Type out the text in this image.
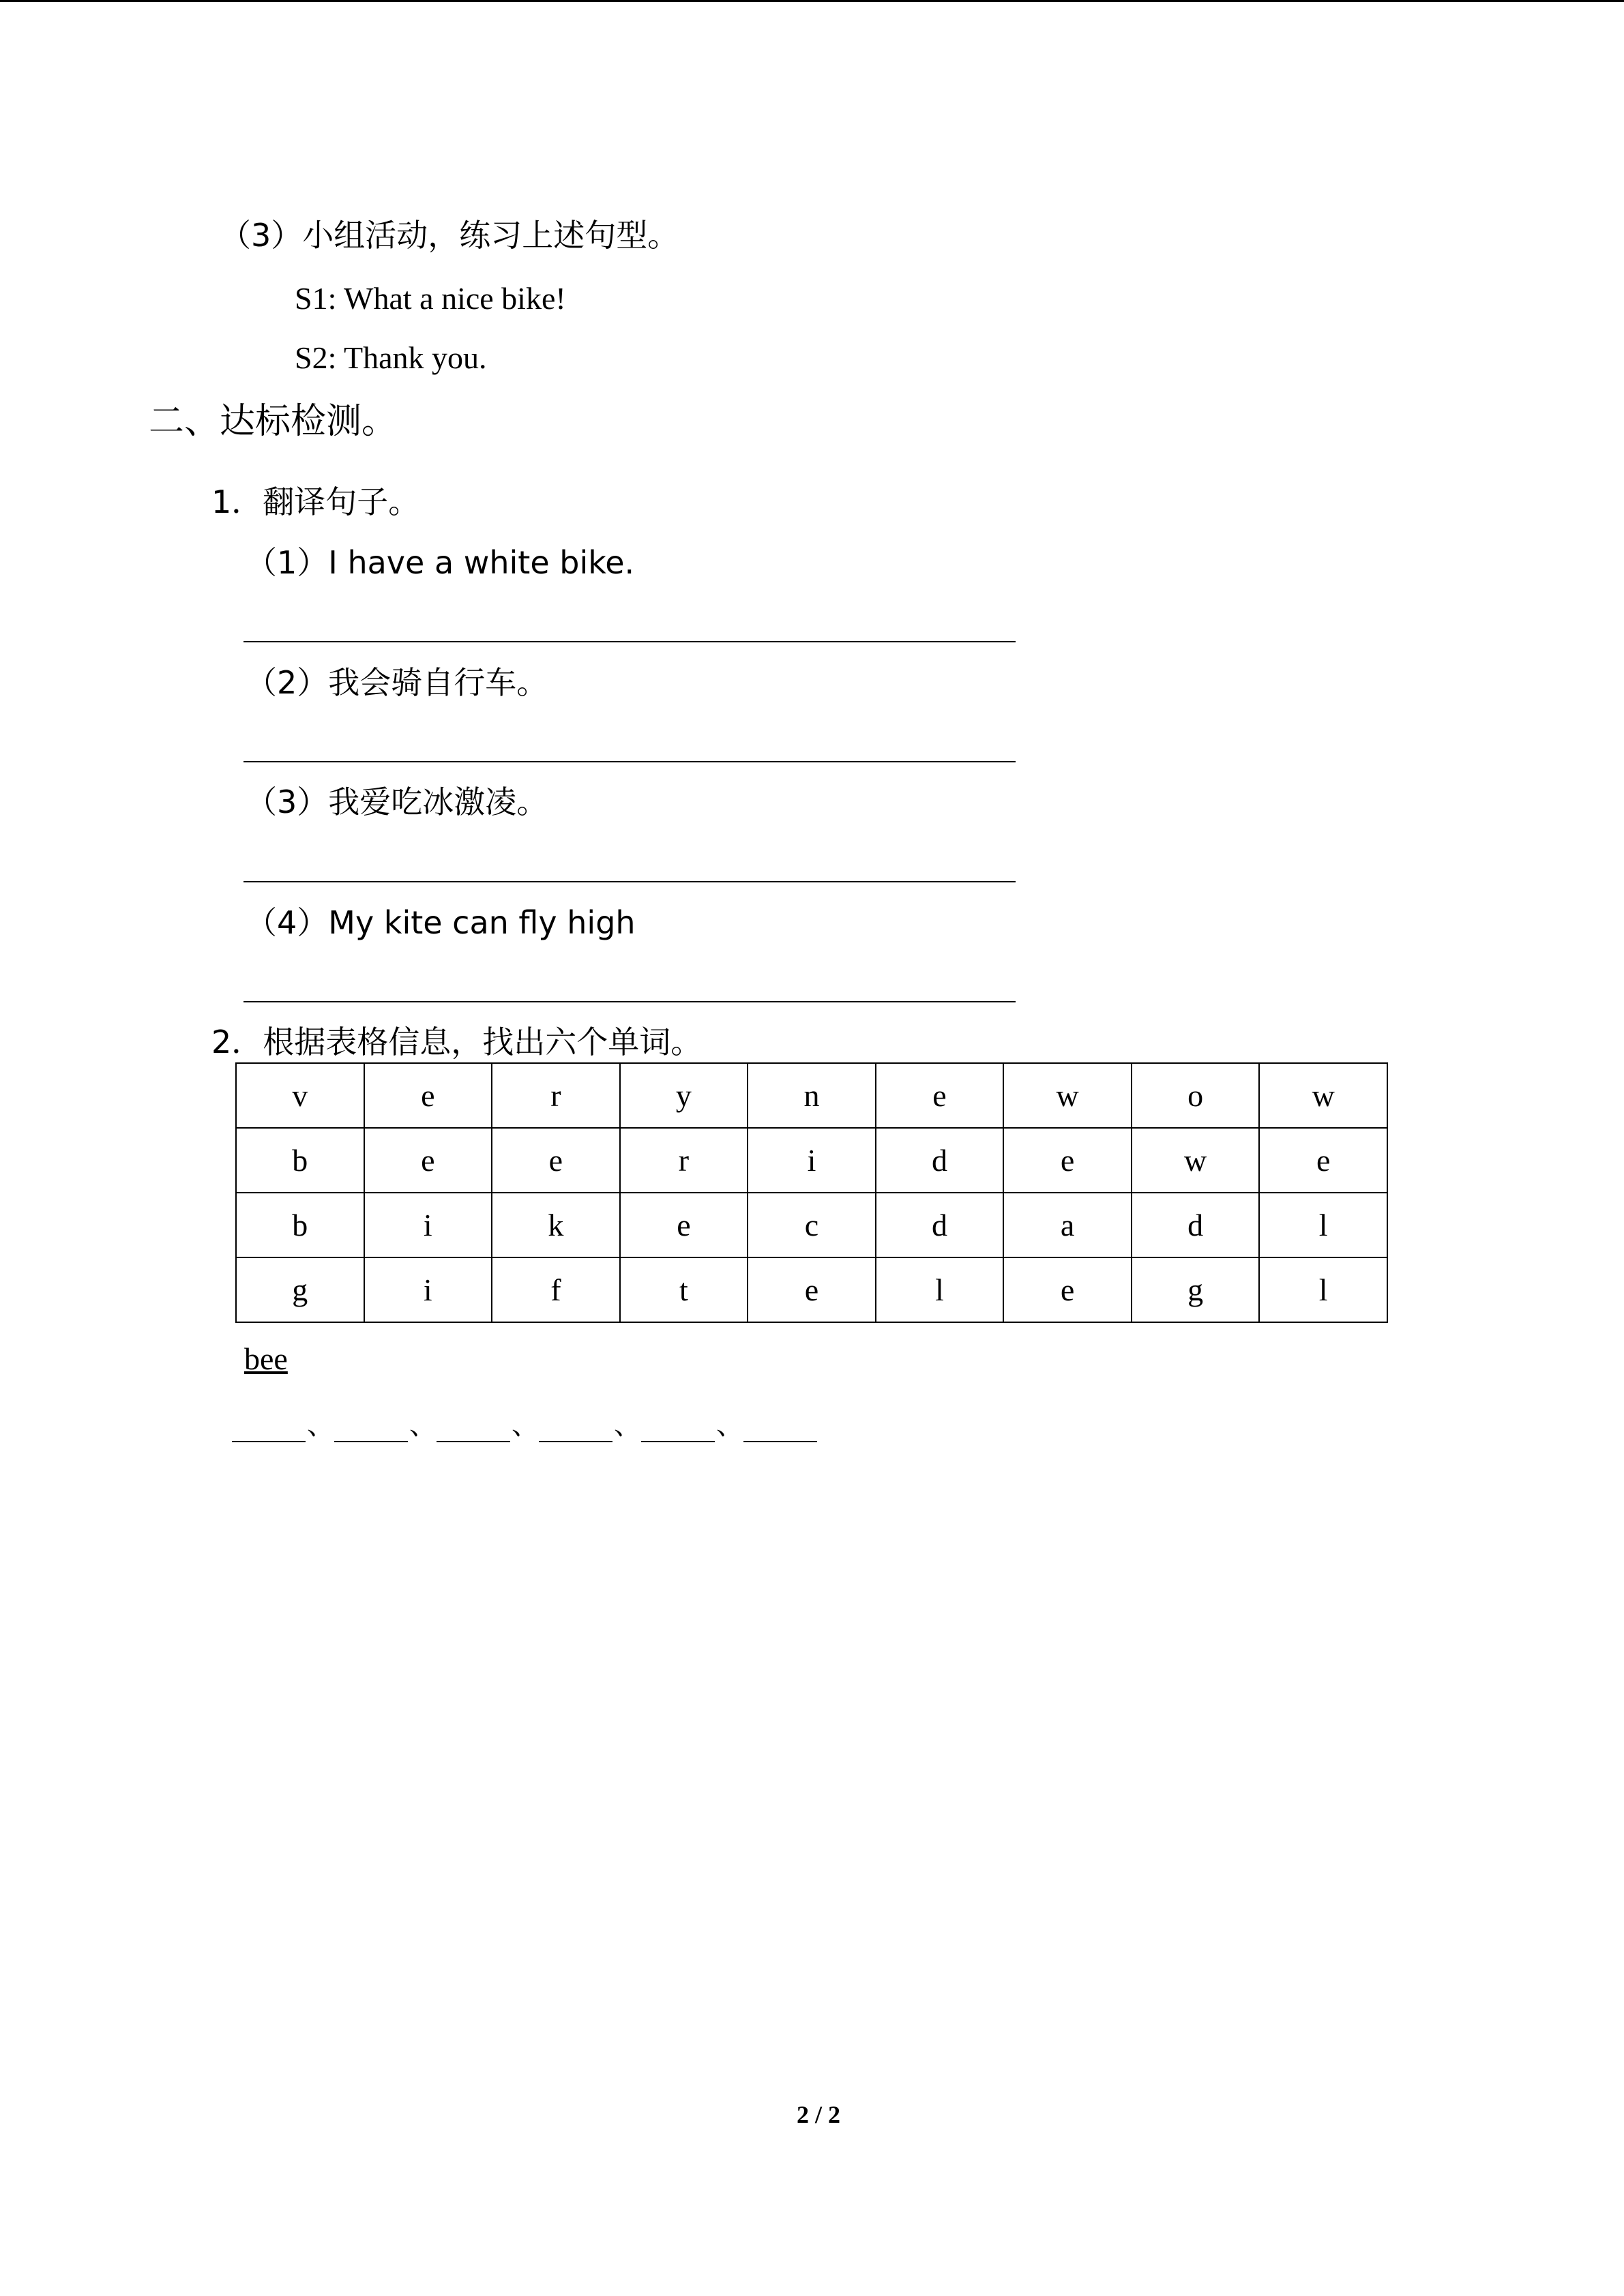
（3）小组活动，练习上述句型。
S1: What a nice bike!
S2: Thank you.
二、达标检测。
1．翻译句子。
（1）I have a white bike.
（2）我会骑自行车。
（3）我爱吃冰激凌。
（4）My kite can fly high
2．根据表格信息，找出六个单词。
v	e	r	y	n	e	w	o	w
b	e	e	r	i	d	e	w	e
b	i	k	e	c	d	a	d	l
g	i	f	t	e	l	e	g	l
bee
、	、	、	、	、
2 / 2
